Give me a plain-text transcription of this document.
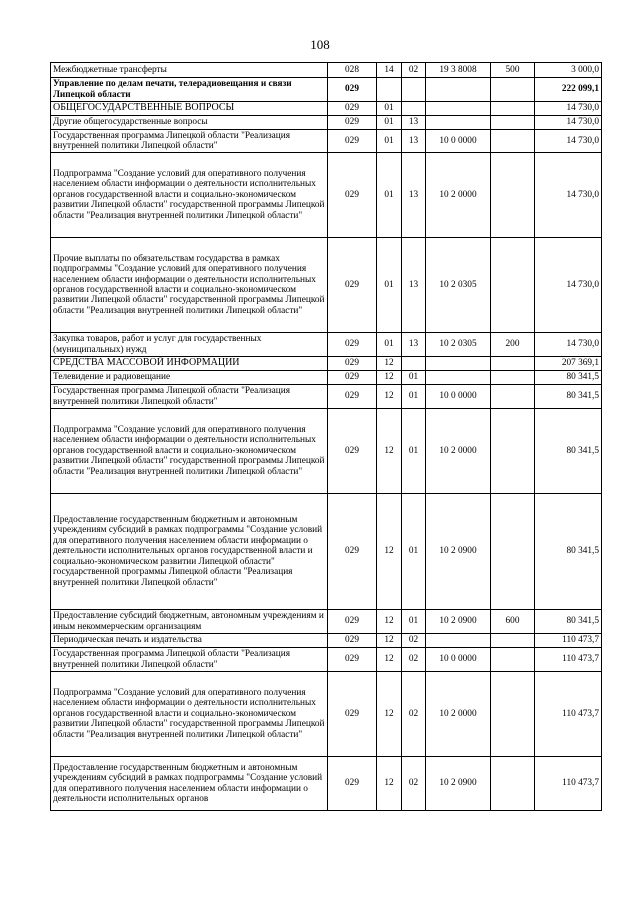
108
Межбюджетные трансферты	028	14	02	19 3 8008	500	3 000,0
Управление по делам печати, телерадиовещания и связи Липецкой области	029					222 099,1
ОБЩЕГОСУДАРСТВЕННЫЕ ВОПРОСЫ	029	01				14 730,0
Другие общегосударственные вопросы	029	01	13			14 730,0
Государственная программа Липецкой области "Реализация внутренней политики Липецкой области"	029	01	13	10 0 0000		14 730,0
Подпрограмма "Создание условий для оперативного получения населением области информации о деятельности исполнительных органов государственной власти и социально-экономическом развитии Липецкой области" государственной программы Липецкой области "Реализация внутренней политики Липецкой области"	029	01	13	10 2 0000		14 730,0
Прочие выплаты по обязательствам государства в рамках подпрограммы "Создание условий для оперативного получения населением области информации о деятельности исполнительных органов государственной власти и социально-экономическом развитии Липецкой области" государственной программы Липецкой области "Реализация внутренней политики Липецкой области"	029	01	13	10 2 0305		14 730,0
Закупка товаров, работ и услуг для государственных (муниципальных) нужд	029	01	13	10 2 0305	200	14 730,0
СРЕДСТВА МАССОВОЙ ИНФОРМАЦИИ	029	12				207 369,1
Телевидение и радиовещание	029	12	01			80 341,5
Государственная программа Липецкой области "Реализация внутренней политики Липецкой области"	029	12	01	10 0 0000		80 341,5
Подпрограмма "Создание условий для оперативного получения населением области информации о деятельности исполнительных органов государственной власти и социально-экономическом развитии Липецкой области" государственной программы Липецкой области "Реализация внутренней политики Липецкой области"	029	12	01	10 2 0000		80 341,5
Предоставление государственным бюджетным и автономным учреждениям субсидий в рамках подпрограммы "Создание условий для оперативного получения населением области информации о деятельности исполнительных органов государственной власти и социально-экономическом развитии Липецкой области" государственной программы Липецкой области "Реализация внутренней политики Липецкой области"	029	12	01	10 2 0900		80 341,5
Предоставление субсидий бюджетным, автономным учреждениям и иным некоммерческим организациям	029	12	01	10 2 0900	600	80 341,5
Периодическая печать и издательства	029	12	02			110 473,7
Государственная программа Липецкой области "Реализация внутренней политики Липецкой области"	029	12	02	10 0 0000		110 473,7
Подпрограмма "Создание условий для оперативного получения населением области информации о деятельности исполнительных органов государственной власти и социально-экономическом развитии Липецкой области" государственной программы Липецкой области "Реализация внутренней политики Липецкой области"	029	12	02	10 2 0000		110 473,7
Предоставление государственным бюджетным и автономным учреждениям субсидий в рамках подпрограммы "Создание условий для оперативного получения населением области информации о деятельности исполнительных органов	029	12	02	10 2 0900		110 473,7
